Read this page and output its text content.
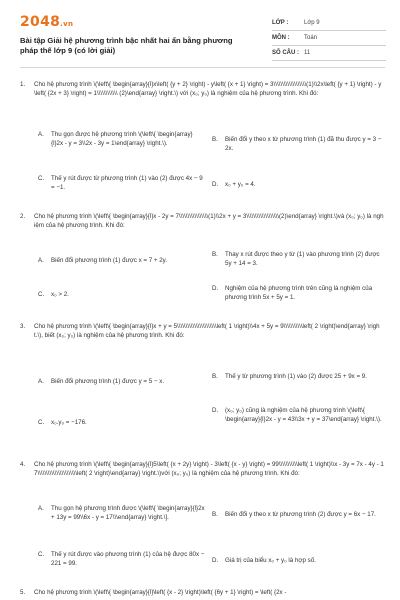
2048.vn
Bài tập Giải hệ phương trình bậc nhất hai ẩn bằng phương pháp thế lớp 9 (có lời giải)
LỚP :	Lớp 9
MÔN : Toán
SỐ CÂU : 11
1. Cho hệ phương trình \(\left\{ \begin{array}{l}x\left( {y + 2} \right) - y\left( {x + 1} \right) = 3\\\\\\\\\\\\\\\\\\\(1)\\2x\left( {y + 1} \right) - y\left( {2x + 3} \right) = 1\\\\\\\\\\\\ (2)\end{array} \right.\) với (x₀; y₀) là nghiệm của hệ phương trình. Khi đó:
A. Thu gọn được hệ phương trình \(\left\{ \begin{array}{l}2x - y = 3\\2x - 3y = 1\end{array} \right.\).
B. Biến đổi y theo x từ phương trình (1) đã thu được y = 3 − 2x.
C. Thế y rút được từ phương trình (1) vào (2) được 4x − 9 = −1.	D. x₀ + y₀ = 4.
2. Cho hệ phương trình \(\left\{ \begin{array}{l}x - 2y = 7\\\\\\\\\\\\\\\\\(1)\\2x + y = 3\\\\\\\\\\\\\\\\\\\(2)\end{array} \right.\)và (x₀; y₀) là nghiệm của hệ phương trình. Khi đó:
A. Biến đổi phương trình (1) được x = 7 + 2y.
B. Thay x rút được theo y từ (1) vào phương trình (2) được 5y + 14 = 3.
C. x₀ > 2.
D. Nghiệm của hệ phương trình trên cũng là nghiệm của phương trình 5x + 5y = 1.
3. Cho hệ phương trình \(\left\{ \begin{array}{l}x + y = 5\\\\\\\\\\\\\\\\\\\\\\\left( 1 \right)\\4x + 5y = 9\\\\\\\\\\\left( 2 \right)\end{array} \right.\), biết (x₀; y₀) là nghiệm của hệ phương trình. Khi đó:
A. Biến đổi phương trình (1) được y = 5 − x.
B. Thế y từ phương trình (1) vào (2) được 25 + 9x = 9.
C. x₀.y₀ = −176.
D. (x₀; y₀) cũng là nghiệm của hệ phương trình \(\left\{ \begin{array}{l}2x - y = 43\\3x + y = 37\end{array} \right.\).
4. Cho hệ phương trình \(\left\{ \begin{array}{l}5\left( {x + 2y} \right) - 3\left( {x - y} \right) = 99\\\\\\\\\\\left( 1 \right)\\x - 3y = 7x - 4y - 17\\\\\\\\\\\\\\\\\\\\\\\left( 2 \right)\end{array} \right.\)với (x₀; y₀) là nghiệm của hệ phương trình. Khi đó:
A. Thu gọn hệ phương trình được \(\left\{ \begin{array}{l}2x + 13y = 99\\6x - y = 17\\\end{array} \right.\].	B. Biến đổi y theo x từ phương trình (2) được y = 6x − 17.
C. Thế y rút được vào phương trình (1) của hệ được 80x − 221 = 99.	D. Giá trị của biểu x₀ + y₀ là hợp số.
5. Cho hệ phương trình \(\left\{ \begin{array}{l}\left( {x - 2} \right)\left( {6y + 1} \right) = \left( {2x -
